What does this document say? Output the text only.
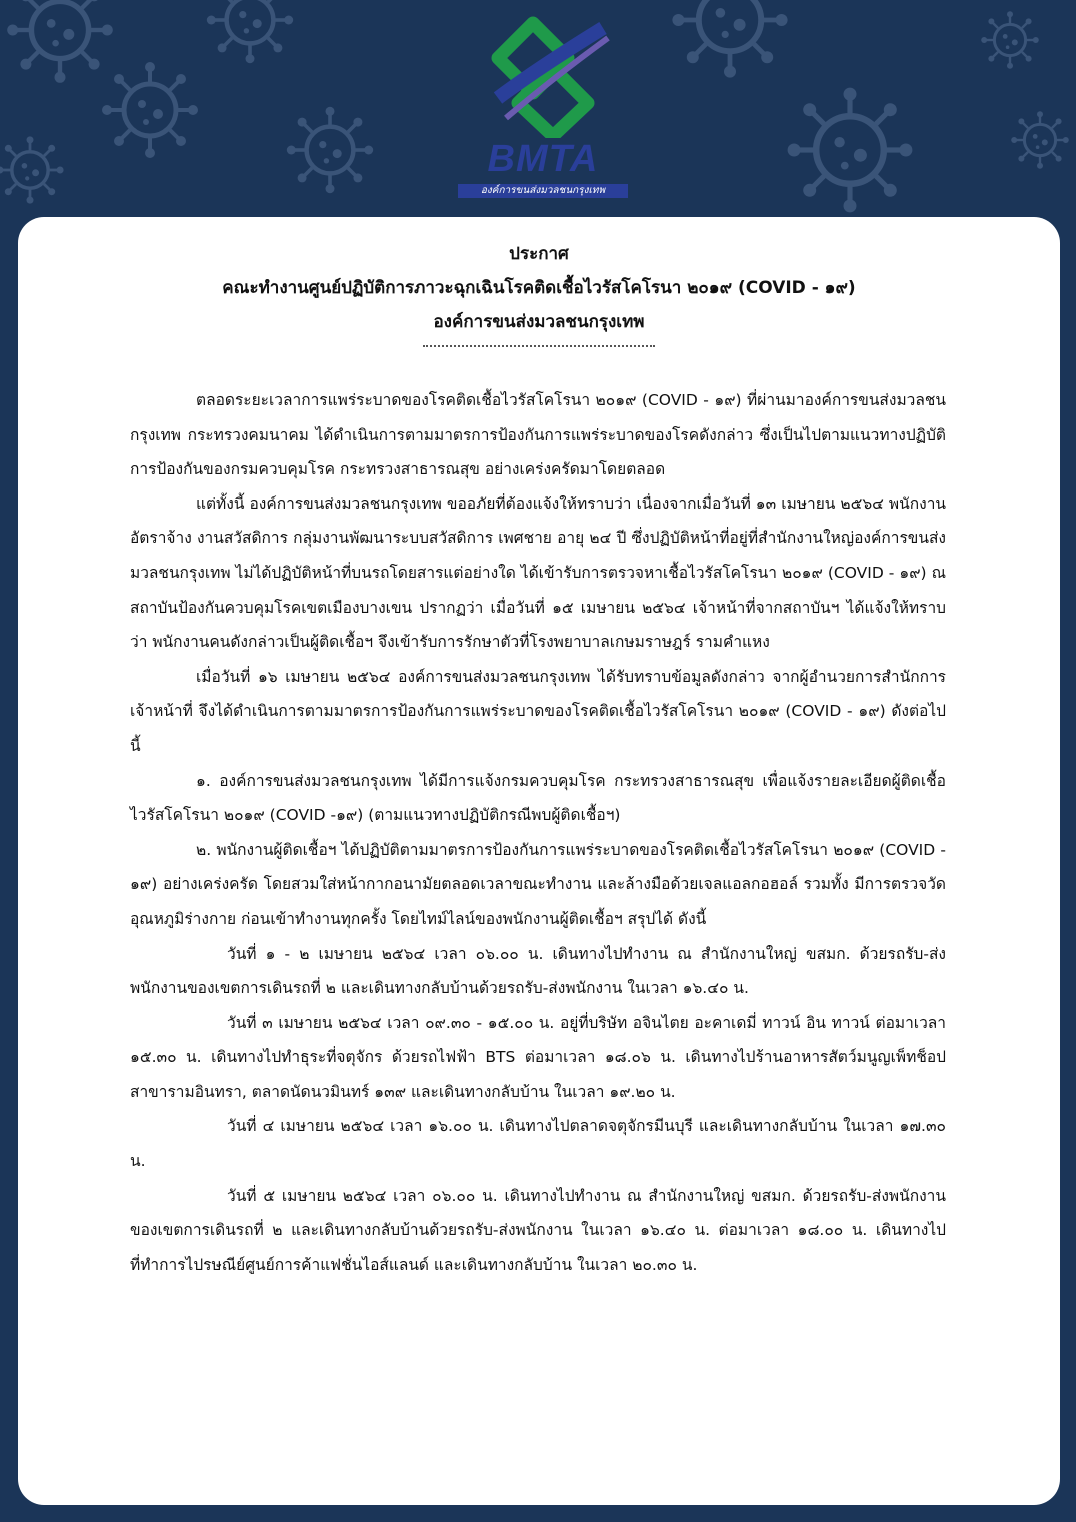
BMTA
องค์การขนส่งมวลชนกรุงเทพ
ประกาศ
คณะทำงานศูนย์ปฏิบัติการภาวะฉุกเฉินโรคติดเชื้อไวรัสโคโรนา ๒๐๑๙ (COVID - ๑๙)
องค์การขนส่งมวลชนกรุงเทพ

ตลอดระยะเวลาการแพร่ระบาดของโรคติดเชื้อไวรัสโคโรนา ๒๐๑๙ (COVID - ๑๙) ที่ผ่านมาองค์การขนส่งมวลชนกรุงเทพ กระทรวงคมนาคม ได้ดำเนินการตามมาตรการป้องกันการแพร่ระบาดของโรคดังกล่าว ซึ่งเป็นไปตามแนวทางปฏิบัติการป้องกันของกรมควบคุมโรค กระทรวงสาธารณสุข อย่างเคร่งครัดมาโดยตลอด

แต่ทั้งนี้ องค์การขนส่งมวลชนกรุงเทพ ขออภัยที่ต้องแจ้งให้ทราบว่า เนื่องจากเมื่อวันที่ ๑๓ เมษายน ๒๕๖๔ พนักงานอัตราจ้าง งานสวัสดิการ กลุ่มงานพัฒนาระบบสวัสดิการ เพศชาย อายุ ๒๔ ปี ซึ่งปฏิบัติหน้าที่อยู่ที่สำนักงานใหญ่องค์การขนส่งมวลชนกรุงเทพ ไม่ได้ปฏิบัติหน้าที่บนรถโดยสารแต่อย่างใด ได้เข้ารับการตรวจหาเชื้อไวรัสโคโรนา ๒๐๑๙ (COVID - ๑๙) ณ สถาบันป้องกันควบคุมโรคเขตเมืองบางเขน ปรากฏว่า เมื่อวันที่ ๑๕ เมษายน ๒๕๖๔ เจ้าหน้าที่จากสถาบันฯ ได้แจ้งให้ทราบว่า พนักงานคนดังกล่าวเป็นผู้ติดเชื้อฯ จึงเข้ารับการรักษาตัวที่โรงพยาบาลเกษมราษฎร์ รามคำแหง

เมื่อวันที่ ๑๖ เมษายน ๒๕๖๔ องค์การขนส่งมวลชนกรุงเทพ ได้รับทราบข้อมูลดังกล่าว จากผู้อำนวยการสำนักการเจ้าหน้าที่ จึงได้ดำเนินการตามมาตรการป้องกันการแพร่ระบาดของโรคติดเชื้อไวรัสโคโรนา ๒๐๑๙ (COVID - ๑๙) ดังต่อไปนี้

๑. องค์การขนส่งมวลชนกรุงเทพ ได้มีการแจ้งกรมควบคุมโรค กระทรวงสาธารณสุข เพื่อแจ้งรายละเอียดผู้ติดเชื้อไวรัสโคโรนา ๒๐๑๙ (COVID -๑๙) (ตามแนวทางปฏิบัติกรณีพบผู้ติดเชื้อฯ)

๒. พนักงานผู้ติดเชื้อฯ ได้ปฏิบัติตามมาตรการป้องกันการแพร่ระบาดของโรคติดเชื้อไวรัสโคโรนา ๒๐๑๙ (COVID - ๑๙) อย่างเคร่งครัด โดยสวมใส่หน้ากากอนามัยตลอดเวลาขณะทำงาน และล้างมือด้วยเจลแอลกอฮอล์ รวมทั้ง มีการตรวจวัดอุณหภูมิร่างกาย ก่อนเข้าทำงานทุกครั้ง โดยไทม์ไลน์ของพนักงานผู้ติดเชื้อฯ สรุปได้ ดังนี้

วันที่ ๑ - ๒ เมษายน ๒๕๖๔ เวลา ๐๖.๐๐ น. เดินทางไปทำงาน ณ สำนักงานใหญ่ ขสมก. ด้วยรถรับ-ส่งพนักงานของเขตการเดินรถที่ ๒ และเดินทางกลับบ้านด้วยรถรับ-ส่งพนักงาน ในเวลา ๑๖.๔๐ น.

วันที่ ๓ เมษายน ๒๕๖๔ เวลา ๐๙.๓๐ - ๑๕.๐๐ น. อยู่ที่บริษัท อจินไตย อะคาเดมี่ ทาวน์ อิน ทาวน์ ต่อมาเวลา ๑๕.๓๐ น. เดินทางไปทำธุระที่จตุจักร ด้วยรถไฟฟ้า BTS ต่อมาเวลา ๑๘.๐๖ น. เดินทางไปร้านอาหารสัตว์มนูญเพ็ทช็อป สาขารามอินทรา, ตลาดนัดนวมินทร์ ๑๓๙ และเดินทางกลับบ้าน ในเวลา ๑๙.๒๐ น.

วันที่ ๔ เมษายน ๒๕๖๔ เวลา ๑๖.๐๐ น. เดินทางไปตลาดจตุจักรมีนบุรี และเดินทางกลับบ้าน ในเวลา ๑๗.๓๐ น.

วันที่ ๕ เมษายน ๒๕๖๔ เวลา ๐๖.๐๐ น. เดินทางไปทำงาน ณ สำนักงานใหญ่ ขสมก. ด้วยรถรับ-ส่งพนักงานของเขตการเดินรถที่ ๒ และเดินทางกลับบ้านด้วยรถรับ-ส่งพนักงาน ในเวลา ๑๖.๔๐ น. ต่อมาเวลา ๑๘.๐๐ น. เดินทางไป ที่ทำการไปรษณีย์ศูนย์การค้าแฟชั่นไอส์แลนด์ และเดินทางกลับบ้าน ในเวลา ๒๐.๓๐ น.
